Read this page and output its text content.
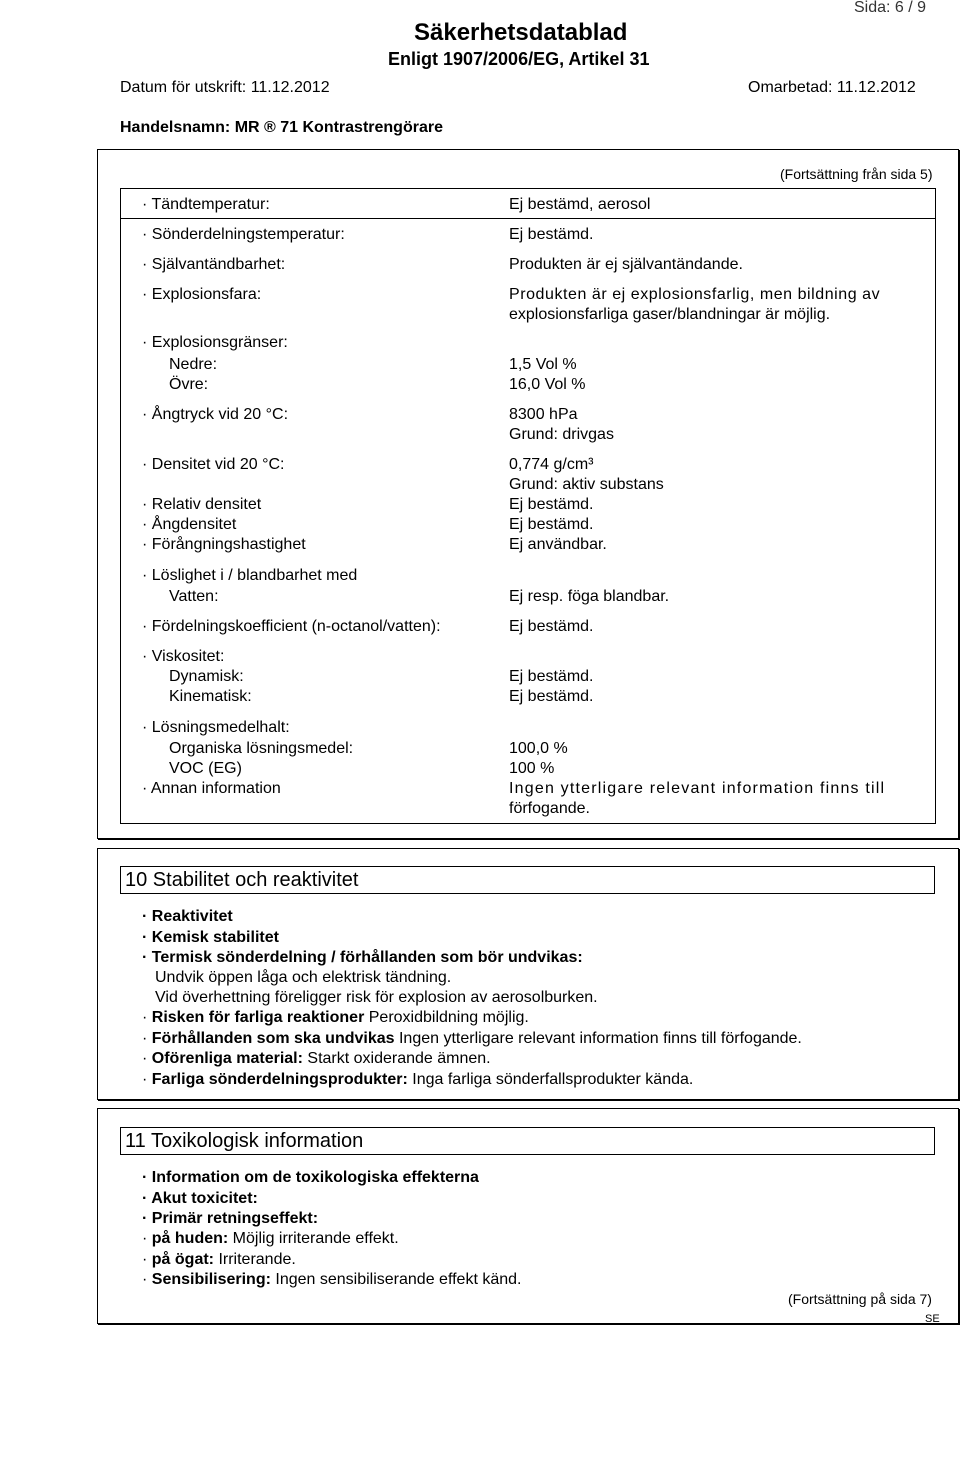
Sida: 6 / 9
Säkerhetsdatablad
Enligt 1907/2006/EG, Artikel 31
Datum för utskrift: 11.12.2012	Omarbetad: 11.12.2012
Handelsnamn: MR ® 71 Kontrastrengörare
(Fortsättning från sida 5)
· Tändtemperatur:	Ej bestämd, aerosol
· Sönderdelningstemperatur:	Ej bestämd.
· Självantändbarhet:	Produkten är ej självantändande.
· Explosionsfara:	Produkten är ej explosionsfarlig, men bildning av
explosionsfarliga gaser/blandningar är möjlig.
· Explosionsgränser:
Nedre:	1,5 Vol %
Övre:	16,0 Vol %
· Ångtryck vid 20 °C:	8300 hPa
Grund: drivgas
· Densitet vid 20 °C:	0,774 g/cm³
Grund: aktiv substans
· Relativ densitet	Ej bestämd.
· Ångdensitet	Ej bestämd.
· Förångningshastighet	Ej användbar.
· Löslighet i / blandbarhet med
Vatten:	Ej resp. föga blandbar.
· Fördelningskoefficient (n-octanol/vatten):	Ej bestämd.
· Viskositet:
Dynamisk:	Ej bestämd.
Kinematisk:	Ej bestämd.
· Lösningsmedelhalt:
Organiska lösningsmedel:	100,0 %
VOC (EG)	100 %
· Annan information	Ingen ytterligare relevant information finns till
förfogande.
10 Stabilitet och reaktivitet
· Reaktivitet
· Kemisk stabilitet
· Termisk sönderdelning / förhållanden som bör undvikas:
Undvik öppen låga och elektrisk tändning.
Vid överhettning föreligger risk för explosion av aerosolburken.
· Risken för farliga reaktioner Peroxidbildning möjlig.
· Förhållanden som ska undvikas Ingen ytterligare relevant information finns till förfogande.
· Oförenliga material: Starkt oxiderande ämnen.
· Farliga sönderdelningsprodukter: Inga farliga sönderfallsprodukter kända.
11 Toxikologisk information
· Information om de toxikologiska effekterna
· Akut toxicitet:
· Primär retningseffekt:
· på huden: Möjlig irriterande effekt.
· på ögat: Irriterande.
· Sensibilisering: Ingen sensibiliserande effekt känd.
(Fortsättning på sida 7)
SE
